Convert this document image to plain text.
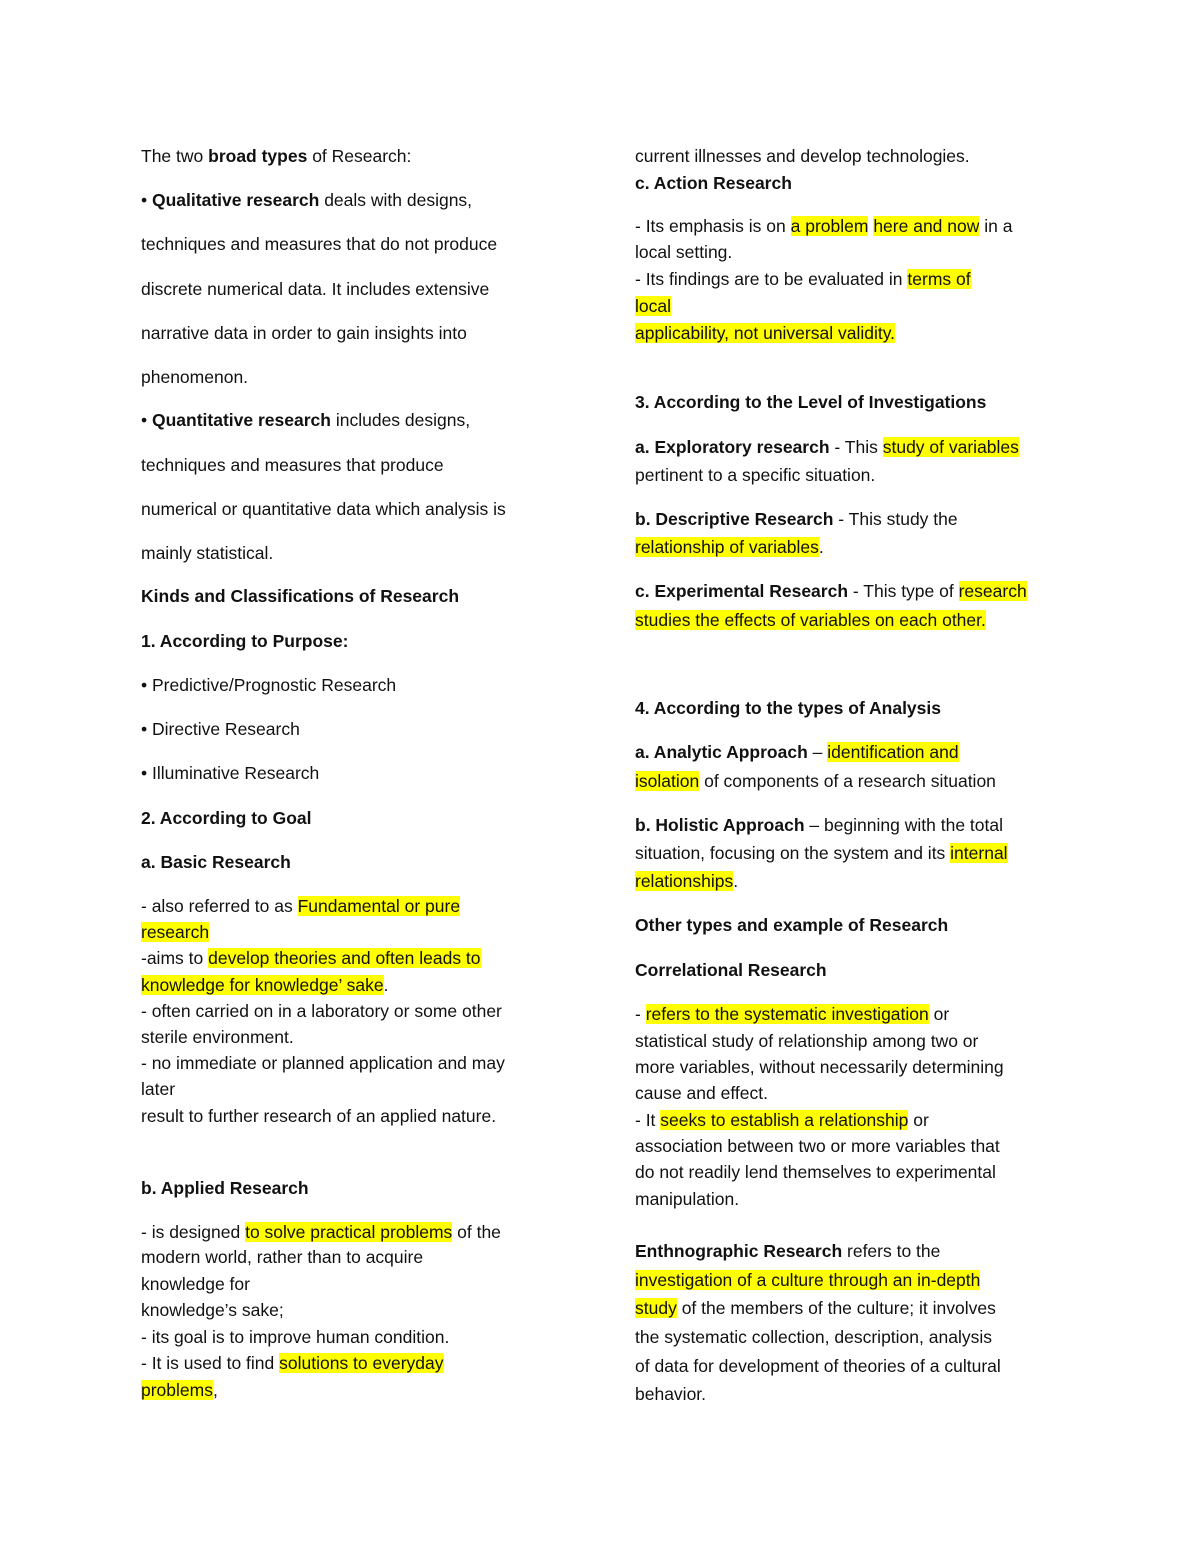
The two broad types of Research:
• Qualitative research deals with designs,
techniques and measures that do not produce
discrete numerical data. It includes extensive
narrative data in order to gain insights into
phenomenon.
• Quantitative research includes designs,
techniques and measures that produce
numerical or quantitative data which analysis is
mainly statistical.
Kinds and Classifications of Research
1. According to Purpose:
• Predictive/Prognostic Research
• Directive Research
• Illuminative Research
2. According to Goal
a. Basic Research
- also referred to as Fundamental or pure
research
-aims to develop theories and often leads to
knowledge for knowledge’ sake.
- often carried on in a laboratory or some other
sterile environment.
- no immediate or planned application and may
later
result to further research of an applied nature.
b. Applied Research
- is designed to solve practical problems of the
modern world, rather than to acquire
knowledge for
knowledge’s sake;
- its goal is to improve human condition.
- It is used to find solutions to everyday
problems,
current illnesses and develop technologies.
c. Action Research
- Its emphasis is on a problem here and now in a
local setting.
- Its findings are to be evaluated in terms of
local
applicability, not universal validity.
3. According to the Level of Investigations
a. Exploratory research - This study of variables
pertinent to a specific situation.
b. Descriptive Research - This study the
relationship of variables.
c. Experimental Research - This type of research
studies the effects of variables on each other.
4. According to the types of Analysis
a. Analytic Approach – identification and
isolation of components of a research situation
b. Holistic Approach – beginning with the total
situation, focusing on the system and its internal
relationships.
Other types and example of Research
Correlational Research
- refers to the systematic investigation or
statistical study of relationship among two or
more variables, without necessarily determining
cause and effect.
- It seeks to establish a relationship or
association between two or more variables that
do not readily lend themselves to experimental
manipulation.
Enthnographic Research refers to the
investigation of a culture through an in-depth
study of the members of the culture; it involves
the systematic collection, description, analysis
of data for development of theories of a cultural
behavior.
